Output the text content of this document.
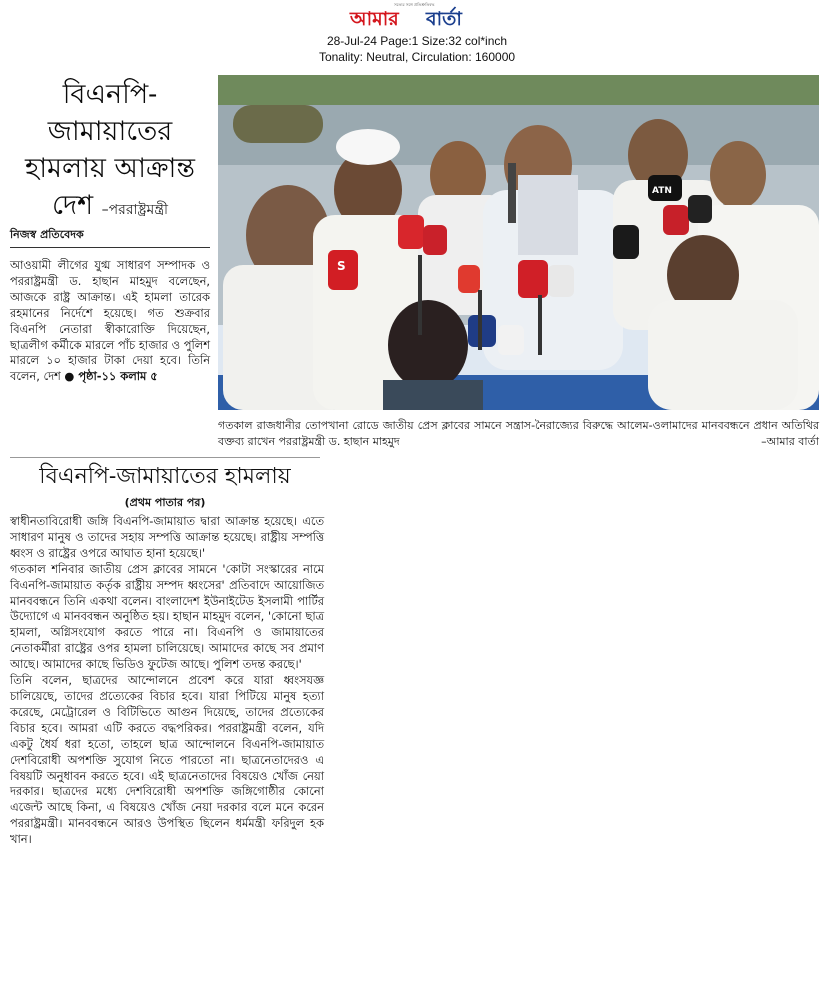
সত্যের সঙ্গে প্রতিশ্রুতিবদ্ধ
আমার বার্তা
28-Jul-24 Page:1 Size:32 col*inch
Tonality: Neutral, Circulation: 160000
বিএনপি-জামায়াতের হামলায় আক্রান্ত দেশ –পররাষ্ট্রমন্ত্রী
নিজস্ব প্রতিবেদক
আওয়ামী লীগের যুগ্ম সাধারণ সম্পাদক ও পররাষ্ট্রমন্ত্রী ড. হাছান মাহমুদ বলেছেন, আজকে রাষ্ট্র আক্রান্ত। এই হামলা তারেক রহমানের নির্দেশে হয়েছে। গত শুক্রবার বিএনপি নেতারা স্বীকারোক্তি দিয়েছেন, ছাত্রলীগ কর্মীকে মারলে পাঁচ হাজার ও পুলিশ মারলে ১০ হাজার টাকা দেয়া হবে। তিনি বলেন, দেশ ● পৃষ্ঠা-১১ কলাম ৫
S
ATN
গতকাল রাজধানীর তোপখানা রোডে জাতীয় প্রেস ক্লাবের সামনে সন্ত্রাস-নৈরাজ্যের বিরুদ্ধে আলেম-ওলামাদের মানববন্ধনে প্রধান অতিথির বক্তব্য রাখেন পররাষ্ট্রমন্ত্রী ড. হাছান মাহমুদ	–আমার বার্তা
বিএনপি-জামায়াতের হামলায়
(প্রথম পাতার পর)

স্বাধীনতাবিরোধী জঙ্গি বিএনপি-জামায়াত দ্বারা আক্রান্ত হয়েছে। এতে সাধারণ মানুষ ও তাদের সহায় সম্পত্তি আক্রান্ত হয়েছে। রাষ্ট্রীয় সম্পত্তি ধ্বংস ও রাষ্ট্রের ওপরে আঘাত হানা হয়েছে।'

গতকাল শনিবার জাতীয় প্রেস ক্লাবের সামনে 'কোটা সংস্কারের নামে বিএনপি-জামায়াত কর্তৃক রাষ্ট্রীয় সম্পদ ধ্বংসের' প্রতিবাদে আয়োজিত মানববন্ধনে তিনি একথা বলেন। বাংলাদেশ ইউনাইটেড ইসলামী পার্টির উদ্যোগে এ মানববন্ধন অনুষ্ঠিত হয়। হাছান মাহমুদ বলেন, 'কোনো ছাত্র হামলা, অগ্নিসংযোগ করতে পারে না। বিএনপি ও জামায়াতের নেতাকর্মীরা রাষ্ট্রের ওপর হামলা চালিয়েছে। আমাদের কাছে সব প্রমাণ আছে। আমাদের কাছে ভিডিও ফুটেজ আছে। পুলিশ তদন্ত করছে।'

তিনি বলেন, ছাত্রদের আন্দোলনে প্রবেশ করে যারা ধ্বংসযজ্ঞ চালিয়েছে, তাদের প্রত্যেকের বিচার হবে। যারা পিটিয়ে মানুষ হত্যা করেছে, মেট্রোরেল ও বিটিভিতে আগুন দিয়েছে, তাদের প্রত্যেকের বিচার হবে। আমরা এটি করতে বদ্ধপরিকর। পররাষ্ট্রমন্ত্রী বলেন, যদি একটু ধৈর্য ধরা হতো, তাহলে ছাত্র আন্দোলনে বিএনপি-জামায়াত দেশবিরোধী অপশক্তি সুযোগ নিতে পারতো না। ছাত্রনেতাদেরও এ বিষয়টি অনুধাবন করতে হবে। এই ছাত্রনেতাদের বিষয়েও খোঁজ নেয়া দরকার। ছাত্রদের মধ্যে দেশবিরোধী অপশক্তি জঙ্গিগোষ্ঠীর কোনো এজেন্ট আছে কিনা, এ বিষয়েও খোঁজ নেয়া দরকার বলে মনে করেন পররাষ্ট্রমন্ত্রী। মানববন্ধনে আরও উপস্থিত ছিলেন ধর্মমন্ত্রী ফরিদুল হক খান।
